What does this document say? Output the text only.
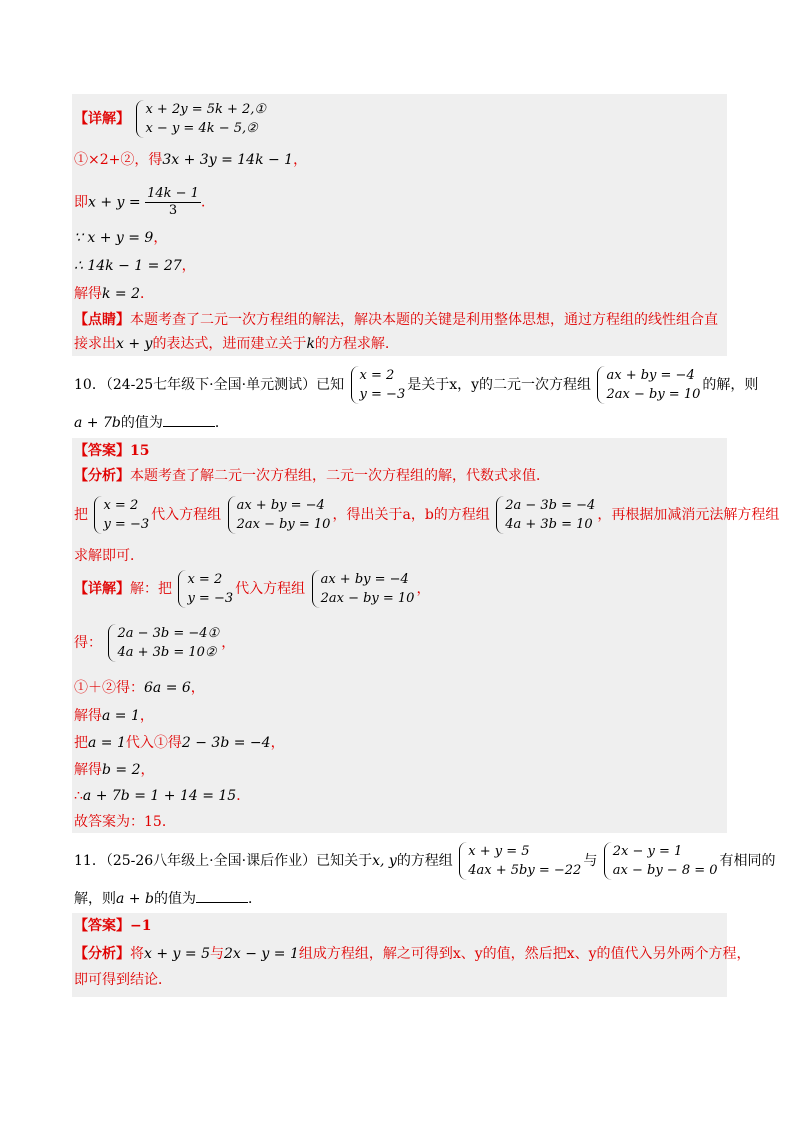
【详解】
x + 2y = 5k + 2,①
x − y = 4k − 5,②
①×2+②，得3x + 3y = 14k − 1，
即$x + y = \frac{14k - 1}{3}$ ．
∵ x + y = 9，
∴ 14k − 1 = 27，
解得k = 2．
【点睛】本题考查了二元一次方程组的解法，解决本题的关键是利用整体思想，通过方程组的线性组合直
接求出x + y的表达式，进而建立关于k的方程求解.
10．（24-25七年级下·全国·单元测试）已知
x = 2
y = −3
是关于x，y的二元一次方程组
ax + by = −4
2ax − by = 10
的解，则
a + 7b的值为	．
【答案】15
【分析】本题考查了解二元一次方程组，二元一次方程组的解，代数式求值．
把
x = 2
y = −3
代入方程组
ax + by = −4
2ax − by = 10
，得出关于a，b的方程组
2a − 3b = −4
4a + 3b = 10
，再根据加减消元法解方程组
求解即可．
【详解】解：把
x = 2
y = −3
代入方程组
ax + by = −4
2ax − by = 10
，
得：
2a − 3b = −4①
4a + 3b = 10②
，
①＋②得：6a = 6，
解得a = 1，
把a = 1代入①得2 − 3b = −4，
解得b = 2，
∴a + 7b = 1 + 14 = 15．
故答案为：15．
11．（25-26八年级上·全国·课后作业）已知关于x, y的方程组
x + y = 5
4ax + 5by = −22
与
2x − y = 1
ax − by − 8 = 0
有相同的
解，则a + b的值为	．
【答案】−1
【分析】将x + y = 5与2x − y = 1组成方程组，解之可得到x、y的值，然后把x、y的值代入另外两个方程，
即可得到结论．
